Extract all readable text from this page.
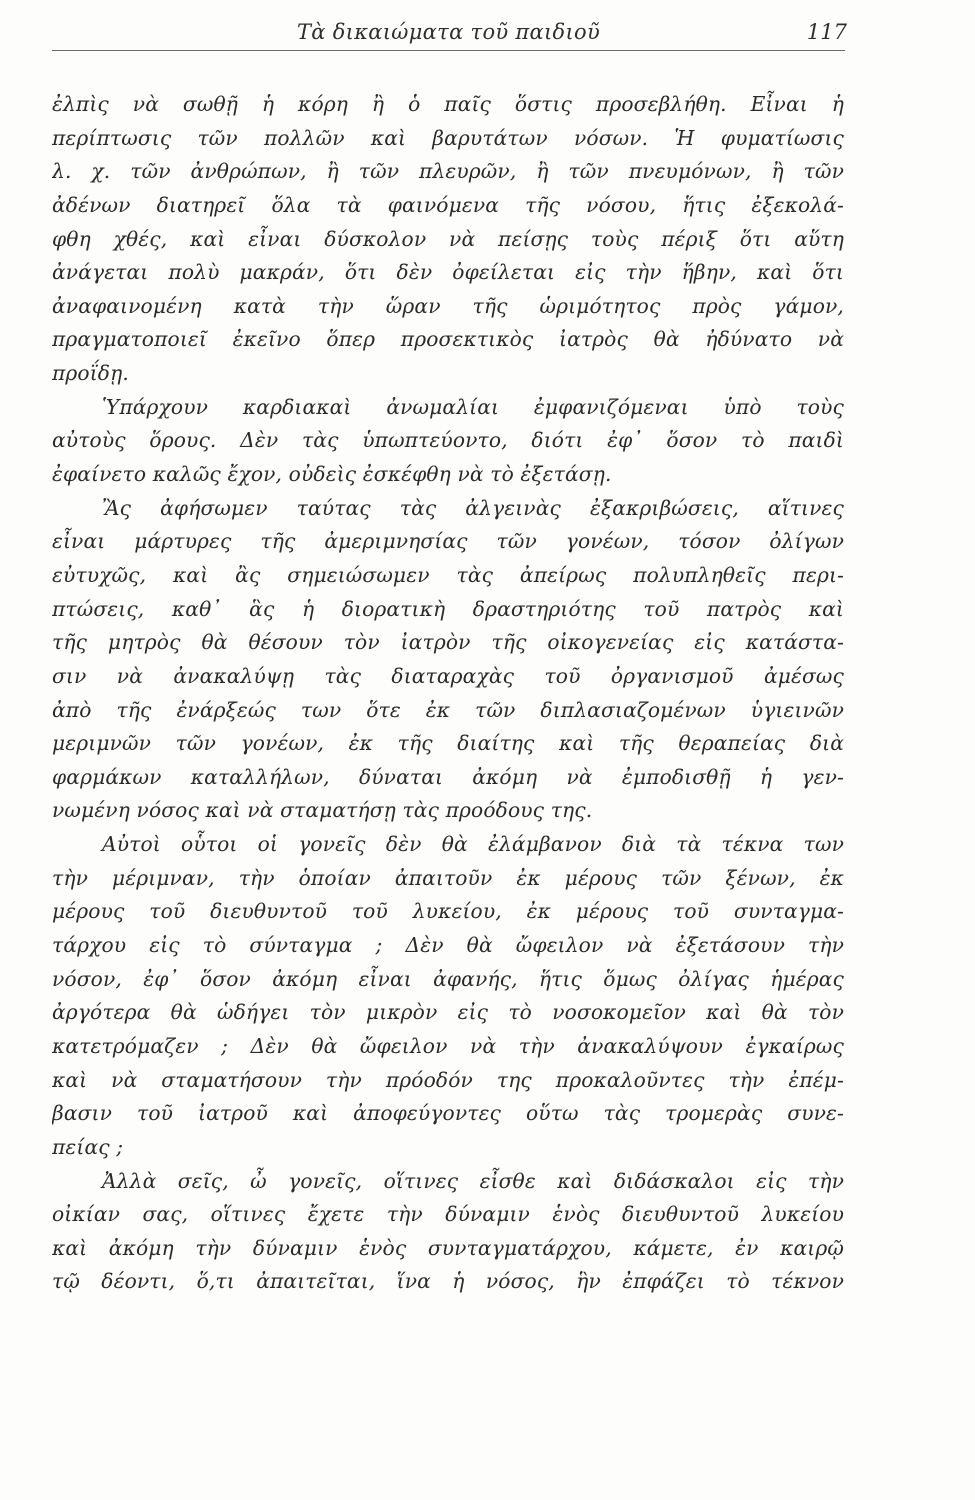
Τὰ δικαιώματα τοῦ παιδιοῦ	117
ἐλπὶς νὰ σωθῇ ἡ κόρη ἢ ὁ παῖς ὅστις προσεβλήθη. Εἶναι ἡ
περίπτωσις τῶν πολλῶν καὶ βαρυτάτων νόσων. Ἡ φυματίωσις
λ. χ. τῶν ἀνθρώπων, ἢ τῶν πλευρῶν, ἢ τῶν πνευμόνων, ἢ τῶν
ἀδένων διατηρεῖ ὅλα τὰ φαινόμενα τῆς νόσου, ἥτις ἐξεκολά-
φθη χθές, καὶ εἶναι δύσκολον νὰ πείσῃς τοὺς πέριξ ὅτι αὕτη
ἀνάγεται πολὺ μακράν, ὅτι δὲν ὀφείλεται εἰς τὴν ἥβην, καὶ ὅτι
ἀναφαινομένη κατὰ τὴν ὥραν τῆς ὡριμότητος πρὸς γάμον,
πραγματοποιεῖ ἐκεῖνο ὅπερ προσεκτικὸς ἰατρὸς θὰ ἠδύνατο νὰ
προΐδῃ.
Ὑπάρχουν καρδιακαὶ ἀνωμαλίαι ἐμφανιζόμεναι ὑπὸ τοὺς
αὐτοὺς ὅρους. Δὲν τὰς ὑπωπτεύοντο, διότι ἐφ᾽ ὅσον τὸ παιδὶ
ἐφαίνετο καλῶς ἔχον, οὐδεὶς ἐσκέφθη νὰ τὸ ἐξετάσῃ.
Ἂς ἀφήσωμεν ταύτας τὰς ἀλγεινὰς ἐξακριβώσεις, αἵτινες
εἶναι μάρτυρες τῆς ἀμεριμνησίας τῶν γονέων, τόσον ὀλίγων
εὐτυχῶς, καὶ ἂς σημειώσωμεν τὰς ἀπείρως πολυπληθεῖς περι-
πτώσεις, καθ᾽ ἃς ἡ διορατικὴ δραστηριότης τοῦ πατρὸς καὶ
τῆς μητρὸς θὰ θέσουν τὸν ἰατρὸν τῆς οἰκογενείας εἰς κατάστα-
σιν νὰ ἀνακαλύψῃ τὰς διαταραχὰς τοῦ ὀργανισμοῦ ἀμέσως
ἀπὸ τῆς ἐνάρξεώς των ὅτε ἐκ τῶν διπλασιαζομένων ὑγιεινῶν
μεριμνῶν τῶν γονέων, ἐκ τῆς διαίτης καὶ τῆς θεραπείας διὰ
φαρμάκων καταλλήλων, δύναται ἀκόμη νὰ ἐμποδισθῇ ἡ γεν-
νωμένη νόσος καὶ νὰ σταματήσῃ τὰς προόδους της.
Αὐτοὶ οὗτοι οἱ γονεῖς δὲν θὰ ἐλάμβανον διὰ τὰ τέκνα των
τὴν μέριμναν, τὴν ὁποίαν ἀπαιτοῦν ἐκ μέρους τῶν ξένων, ἐκ
μέρους τοῦ διευθυντοῦ τοῦ λυκείου, ἐκ μέρους τοῦ συνταγμα-
τάρχου εἰς τὸ σύνταγμα ; Δὲν θὰ ὤφειλον νὰ ἐξετάσουν τὴν
νόσον, ἐφ᾽ ὅσον ἀκόμη εἶναι ἀφανής, ἥτις ὅμως ὀλίγας ἡμέρας
ἀργότερα θὰ ὡδήγει τὸν μικρὸν εἰς τὸ νοσοκομεῖον καὶ θὰ τὸν
κατετρόμαζεν ; Δὲν θὰ ὤφειλον νὰ τὴν ἀνακαλύψουν ἐγκαίρως
καὶ νὰ σταματήσουν τὴν πρόοδόν της προκαλοῦντες τὴν ἐπέμ-
βασιν τοῦ ἰατροῦ καὶ ἀποφεύγοντες οὕτω τὰς τρομερὰς συνε-
πείας ;
Ἀλλὰ σεῖς, ὦ γονεῖς, οἵτινες εἶσθε καὶ διδάσκαλοι εἰς τὴν
οἰκίαν σας, οἵτινες ἔχετε τὴν δύναμιν ἑνὸς διευθυντοῦ λυκείου
καὶ ἀκόμη τὴν δύναμιν ἑνὸς συνταγματάρχου, κάμετε, ἐν καιρῷ
τῷ δέοντι, ὅ,τι ἀπαιτεῖται, ἵνα ἡ νόσος, ἣν ἐπφάζει τὸ τέκνον
